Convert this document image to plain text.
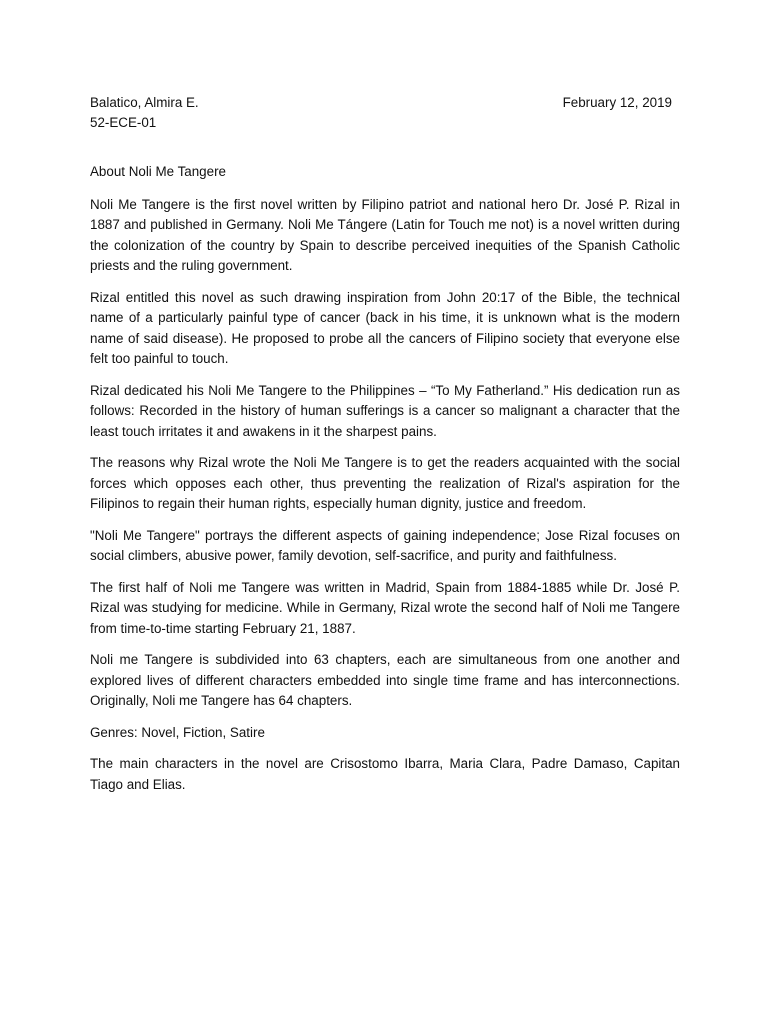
Balatico, Almira E.	February 12, 2019
52-ECE-01
About Noli Me Tangere

Noli Me Tangere is the first novel written by Filipino patriot and national hero Dr. José P. Rizal in 1887 and published in Germany. Noli Me Tángere (Latin for Touch me not) is a novel written during the colonization of the country by Spain to describe perceived inequities of the Spanish Catholic priests and the ruling government.

Rizal entitled this novel as such drawing inspiration from John 20:17 of the Bible, the technical name of a particularly painful type of cancer (back in his time, it is unknown what is the modern name of said disease). He proposed to probe all the cancers of Filipino society that everyone else felt too painful to touch.

Rizal dedicated his Noli Me Tangere to the Philippines – “To My Fatherland.” His dedication run as follows: Recorded in the history of human sufferings is a cancer so malignant a character that the least touch irritates it and awakens in it the sharpest pains.

The reasons why Rizal wrote the Noli Me Tangere is to get the readers acquainted with the social forces which opposes each other, thus preventing the realization of Rizal's aspiration for the Filipinos to regain their human rights, especially human dignity, justice and freedom.

"Noli Me Tangere" portrays the different aspects of gaining independence; Jose Rizal focuses on social climbers, abusive power, family devotion, self-sacrifice, and purity and faithfulness.

The first half of Noli me Tangere was written in Madrid, Spain from 1884-1885 while Dr. José P. Rizal was studying for medicine. While in Germany, Rizal wrote the second half of Noli me Tangere from time-to-time starting February 21, 1887.

Noli me Tangere is subdivided into 63 chapters, each are simultaneous from one another and explored lives of different characters embedded into single time frame and has interconnections. Originally, Noli me Tangere has 64 chapters.

Genres: Novel, Fiction, Satire

The main characters in the novel are Crisostomo Ibarra, Maria Clara, Padre Damaso, Capitan Tiago and Elias.
